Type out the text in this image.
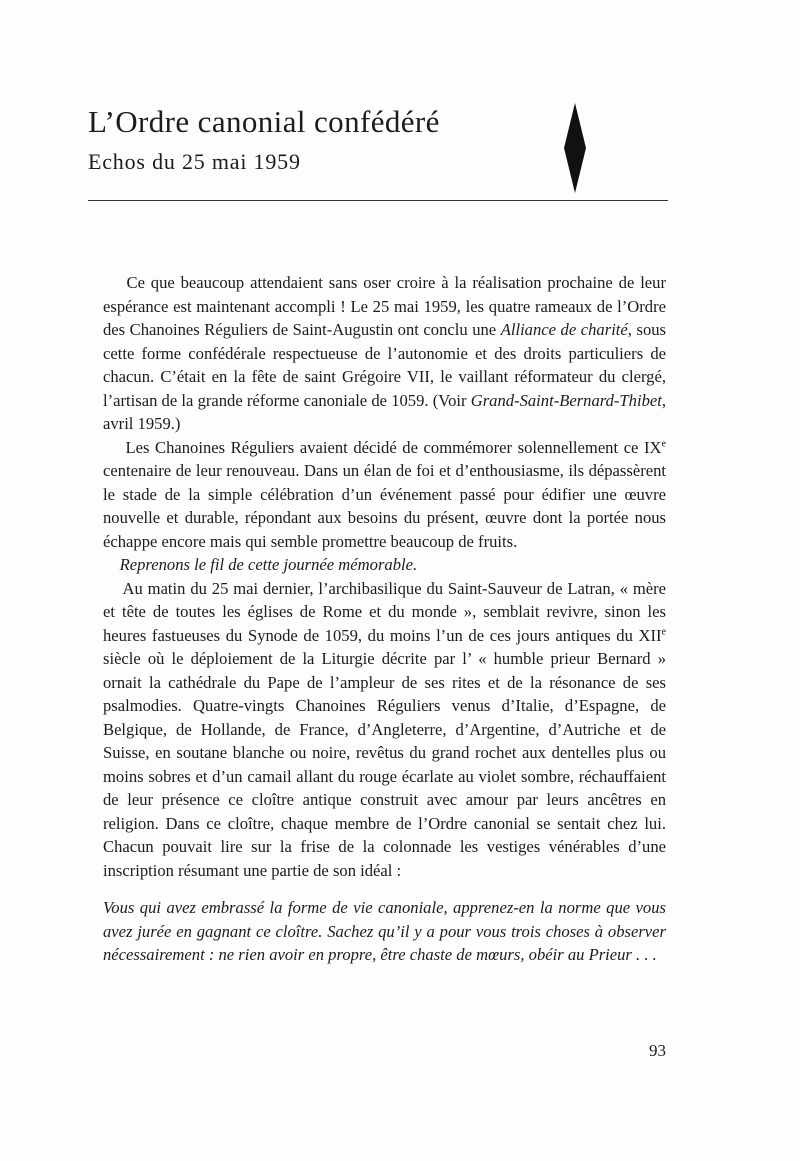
L’Ordre canonial confédéré
Echos du 25 mai 1959

Ce que beaucoup attendaient sans oser croire à la réalisation prochaine de leur espérance est maintenant accompli ! Le 25 mai 1959, les quatre rameaux de l’Ordre des Chanoines Réguliers de Saint-Augustin ont conclu une Alliance de charité, sous cette forme confédérale respectueuse de l’autonomie et des droits particuliers de chacun. C’était en la fête de saint Grégoire VII, le vaillant réformateur du clergé, l’artisan de la grande réforme canoniale de 1059. (Voir Grand-Saint-Bernard-Thibet, avril 1959.)

Les Chanoines Réguliers avaient décidé de commémorer solennellement ce IXe centenaire de leur renouveau. Dans un élan de foi et d’enthousiasme, ils dépassèrent le stade de la simple célébration d’un événement passé pour édifier une œuvre nouvelle et durable, répondant aux besoins du présent, œuvre dont la portée nous échappe encore mais qui semble promettre beaucoup de fruits.

Reprenons le fil de cette journée mémorable.

Au matin du 25 mai dernier, l’archibasilique du Saint-Sauveur de Latran, « mère et tête de toutes les églises de Rome et du monde », semblait revivre, sinon les heures fastueuses du Synode de 1059, du moins l’un de ces jours antiques du XIIe siècle où le déploiement de la Liturgie décrite par l’ « humble prieur Bernard » ornait la cathédrale du Pape de l’ampleur de ses rites et de la résonance de ses psalmodies. Quatre-vingts Chanoines Réguliers venus d’Italie, d’Espagne, de Belgique, de Hollande, de France, d’Angleterre, d’Argentine, d’Autriche et de Suisse, en soutane blanche ou noire, revêtus du grand rochet aux dentelles plus ou moins sobres et d’un camail allant du rouge écarlate au violet sombre, réchauffaient de leur présence ce cloître antique construit avec amour par leurs ancêtres en religion. Dans ce cloître, chaque membre de l’Ordre canonial se sentait chez lui. Chacun pouvait lire sur la frise de la colonnade les vestiges vénérables d’une inscription résumant une partie de son idéal :

Vous qui avez embrassé la forme de vie canoniale, apprenez-en la norme que vous avez jurée en gagnant ce cloître. Sachez qu’il y a pour vous trois choses à observer nécessairement : ne rien avoir en propre, être chaste de mœurs, obéir au Prieur . . .

93
